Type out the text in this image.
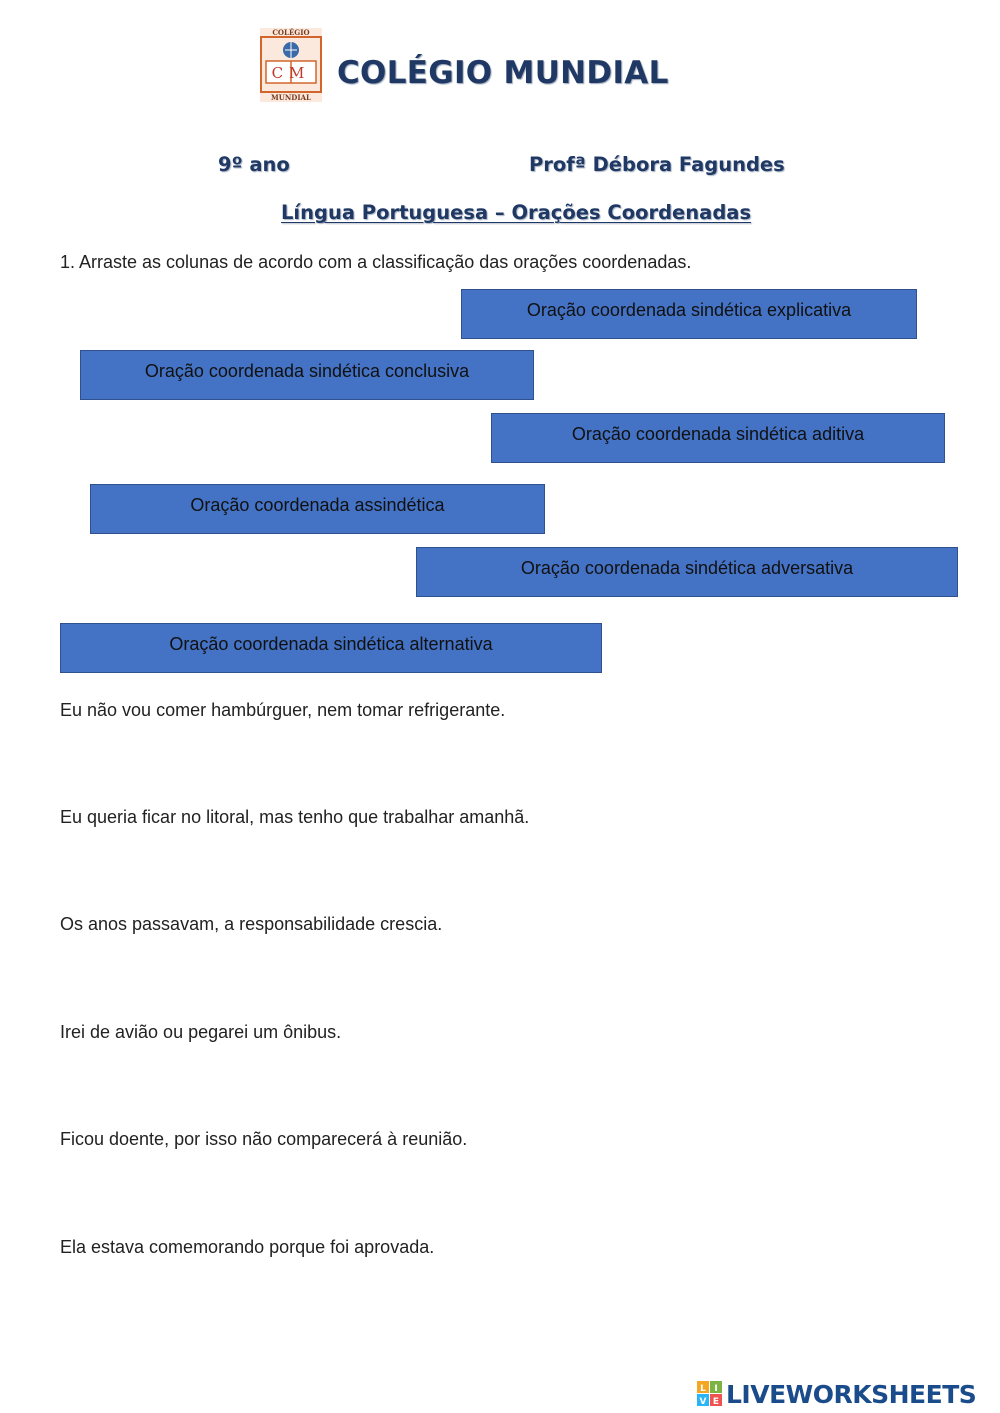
COLÉGIO
CM
MUNDIAL
COLÉGIO MUNDIAL
9º ano	Profª Débora Fagundes
Língua Portuguesa – Orações Coordenadas
1. Arraste as colunas de acordo com a classificação das orações coordenadas.
Oração coordenada sindética explicativa
Oração coordenada sindética conclusiva
Oração coordenada sindética aditiva
Oração coordenada assindética
Oração coordenada sindética adversativa
Oração coordenada sindética alternativa
Eu não vou comer hambúrguer, nem tomar refrigerante.
Eu queria ficar no litoral, mas tenho que trabalhar amanhã.
Os anos passavam, a responsabilidade crescia.
Irei de avião ou pegarei um ônibus.
Ficou doente, por isso não comparecerá à reunião.
Ela estava comemorando porque foi aprovada.
L I
V E LIVEWORKSHEETS
